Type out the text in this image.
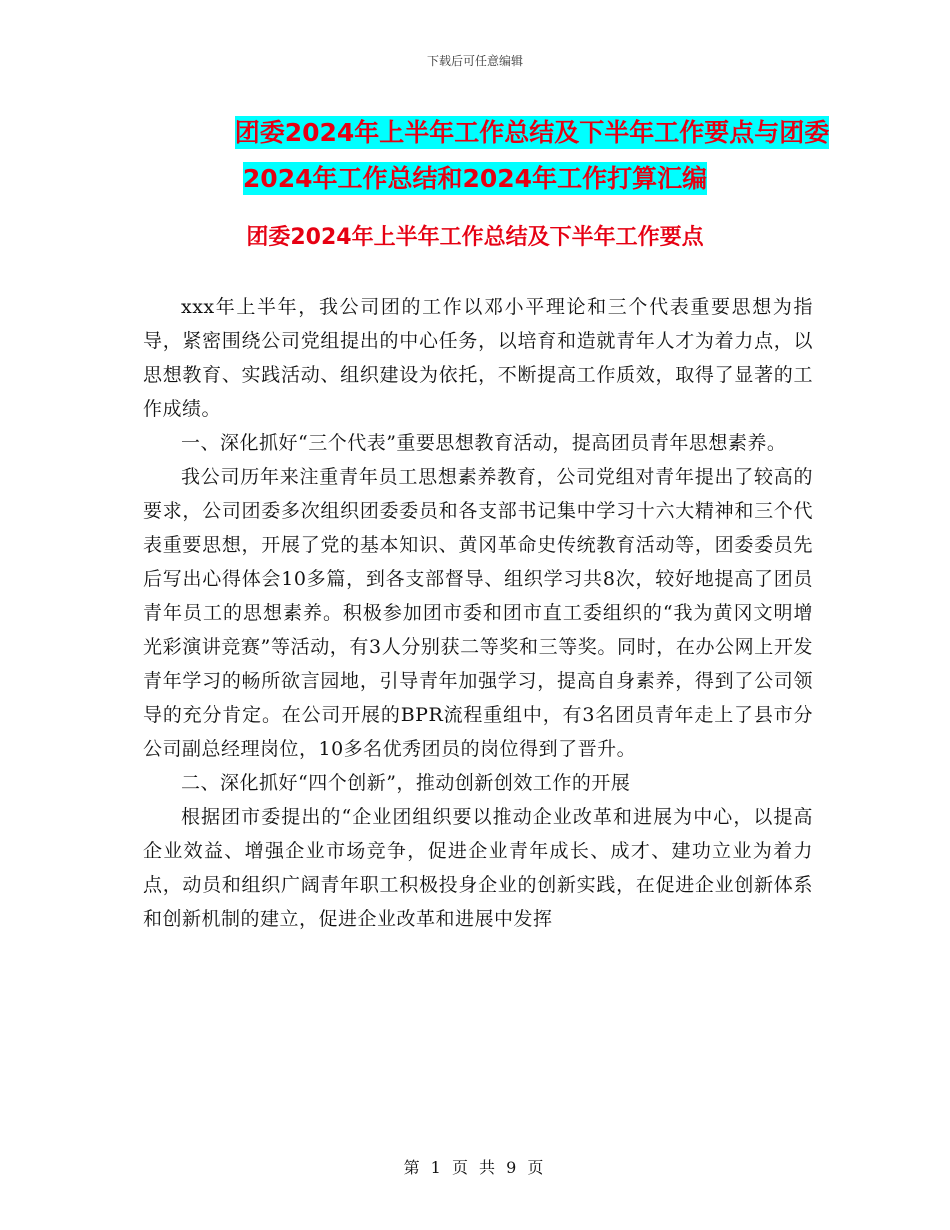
下载后可任意编辑
团委2024年上半年工作总结及下半年工作要点与团委
2024年工作总结和2024年工作打算汇编
团委2024年上半年工作总结及下半年工作要点

xxx年上半年，我公司团的工作以邓小平理论和三个代表重要思想为指导，紧密围绕公司党组提出的中心任务，以培育和造就青年人才为着力点，以思想教育、实践活动、组织建设为依托，不断提高工作质效，取得了显著的工作成绩。

一、深化抓好“三个代表”重要思想教育活动，提高团员青年思想素养。

我公司历年来注重青年员工思想素养教育，公司党组对青年提出了较高的要求，公司团委多次组织团委委员和各支部书记集中学习十六大精神和三个代表重要思想，开展了党的基本知识、黄冈革命史传统教育活动等，团委委员先后写出心得体会10多篇，到各支部督导、组织学习共8次，较好地提高了团员青年员工的思想素养。积极参加团市委和团市直工委组织的“我为黄冈文明增光彩演讲竞赛”等活动，有3人分别获二等奖和三等奖。同时，在办公网上开发青年学习的畅所欲言园地，引导青年加强学习，提高自身素养，得到了公司领导的充分肯定。在公司开展的BPR流程重组中，有3名团员青年走上了县市分公司副总经理岗位，10多名优秀团员的岗位得到了晋升。

二、深化抓好“四个创新”，推动创新创效工作的开展

根据团市委提出的“企业团组织要以推动企业改革和进展为中心，以提高企业效益、增强企业市场竞争，促进企业青年成长、成才、建功立业为着力点，动员和组织广阔青年职工积极投身企业的创新实践，在促进企业创新体系和创新机制的建立，促进企业改革和进展中发挥

第 1 页 共 9 页
